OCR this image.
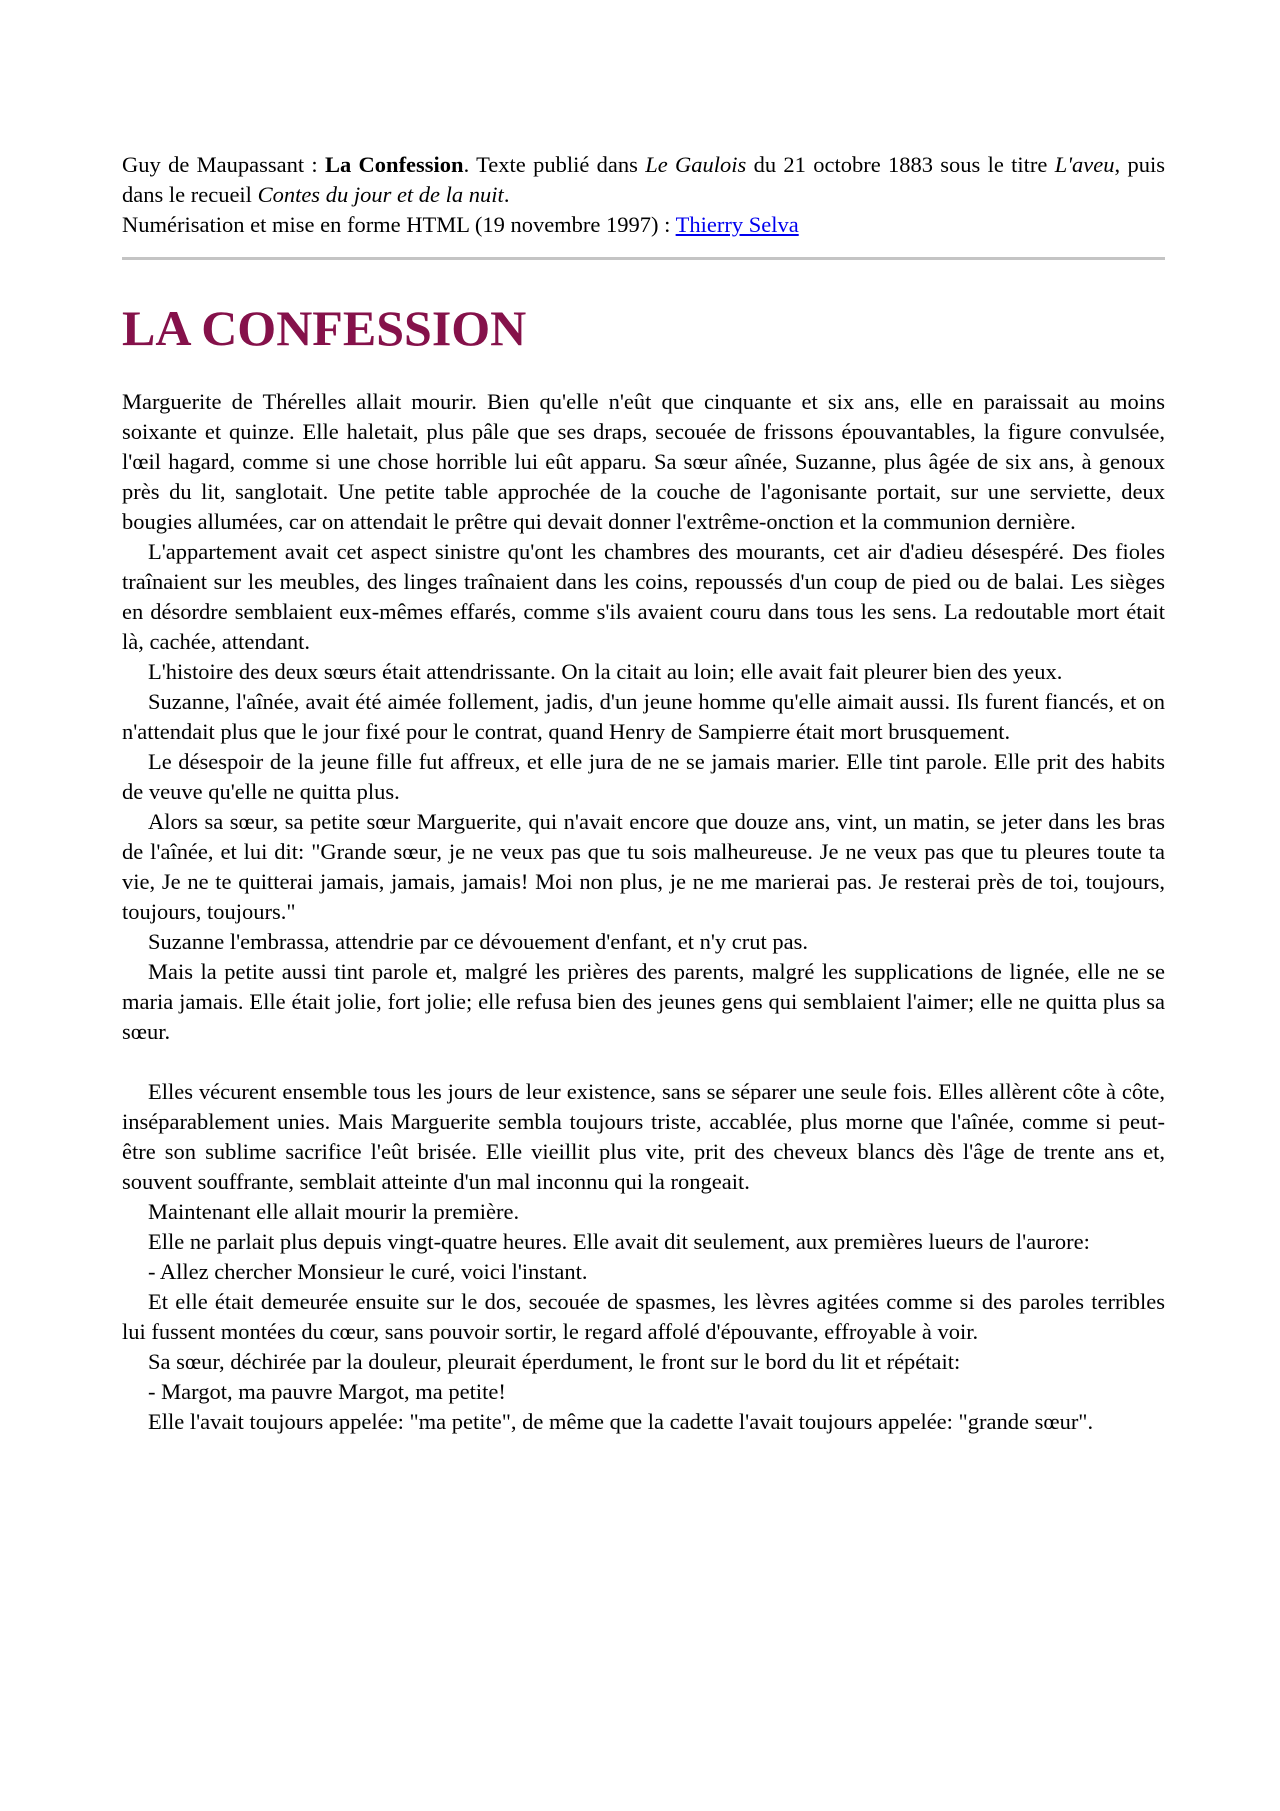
Guy de Maupassant : La Confession. Texte publié dans Le Gaulois du 21 octobre 1883 sous le titre L'aveu, puis dans le recueil Contes du jour et de la nuit.
Numérisation et mise en forme HTML (19 novembre 1997) : Thierry Selva
LA CONFESSION

Marguerite de Thérelles allait mourir. Bien qu'elle n'eût que cinquante et six ans, elle en paraissait au moins soixante et quinze. Elle haletait, plus pâle que ses draps, secouée de frissons épouvantables, la figure convulsée, l'œil hagard, comme si une chose horrible lui eût apparu. Sa sœur aînée, Suzanne, plus âgée de six ans, à genoux près du lit, sanglotait. Une petite table approchée de la couche de l'agonisante portait, sur une serviette, deux bougies allumées, car on attendait le prêtre qui devait donner l'extrême-onction et la communion dernière.

L'appartement avait cet aspect sinistre qu'ont les chambres des mourants, cet air d'adieu désespéré. Des fioles traînaient sur les meubles, des linges traînaient dans les coins, repoussés d'un coup de pied ou de balai. Les sièges en désordre semblaient eux-mêmes effarés, comme s'ils avaient couru dans tous les sens. La redoutable mort était là, cachée, attendant.

L'histoire des deux sœurs était attendrissante. On la citait au loin; elle avait fait pleurer bien des yeux.

Suzanne, l'aînée, avait été aimée follement, jadis, d'un jeune homme qu'elle aimait aussi. Ils furent fiancés, et on n'attendait plus que le jour fixé pour le contrat, quand Henry de Sampierre était mort brusquement.

Le désespoir de la jeune fille fut affreux, et elle jura de ne se jamais marier. Elle tint parole. Elle prit des habits de veuve qu'elle ne quitta plus.

Alors sa sœur, sa petite sœur Marguerite, qui n'avait encore que douze ans, vint, un matin, se jeter dans les bras de l'aînée, et lui dit: "Grande sœur, je ne veux pas que tu sois malheureuse. Je ne veux pas que tu pleures toute ta vie, Je ne te quitterai jamais, jamais, jamais! Moi non plus, je ne me marierai pas. Je resterai près de toi, toujours, toujours, toujours."

Suzanne l'embrassa, attendrie par ce dévouement d'enfant, et n'y crut pas.

Mais la petite aussi tint parole et, malgré les prières des parents, malgré les supplications de lignée, elle ne se maria jamais. Elle était jolie, fort jolie; elle refusa bien des jeunes gens qui semblaient l'aimer; elle ne quitta plus sa sœur.

Elles vécurent ensemble tous les jours de leur existence, sans se séparer une seule fois. Elles allèrent côte à côte, inséparablement unies. Mais Marguerite sembla toujours triste, accablée, plus morne que l'aînée, comme si peut-être son sublime sacrifice l'eût brisée. Elle vieillit plus vite, prit des cheveux blancs dès l'âge de trente ans et, souvent souffrante, semblait atteinte d'un mal inconnu qui la rongeait.

Maintenant elle allait mourir la première.

Elle ne parlait plus depuis vingt-quatre heures. Elle avait dit seulement, aux premières lueurs de l'aurore:

- Allez chercher Monsieur le curé, voici l'instant.

Et elle était demeurée ensuite sur le dos, secouée de spasmes, les lèvres agitées comme si des paroles terribles lui fussent montées du cœur, sans pouvoir sortir, le regard affolé d'épouvante, effroyable à voir.

Sa sœur, déchirée par la douleur, pleurait éperdument, le front sur le bord du lit et répétait:

- Margot, ma pauvre Margot, ma petite!

Elle l'avait toujours appelée: "ma petite", de même que la cadette l'avait toujours appelée: "grande sœur".
